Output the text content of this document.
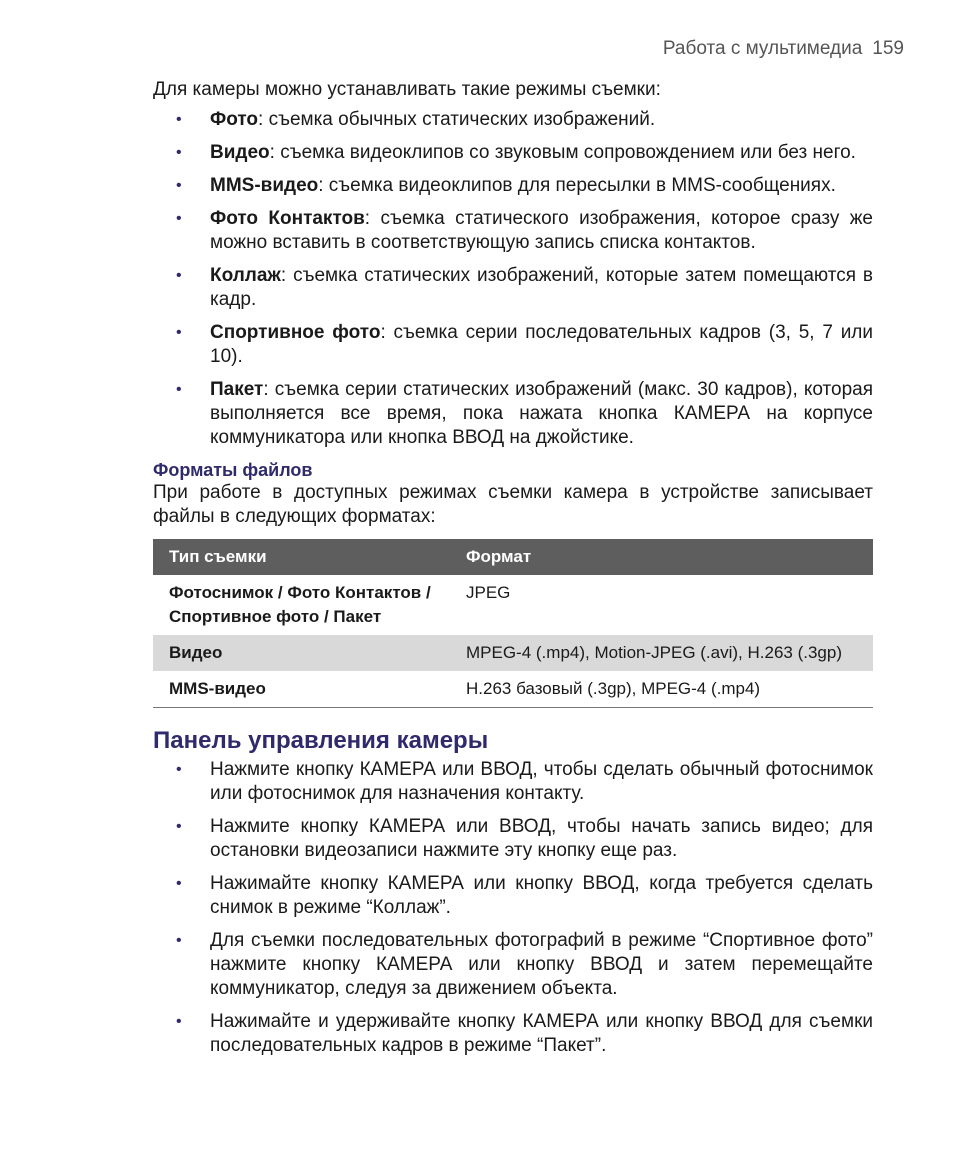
Работа с мультимедиа 159

Для камеры можно устанавливать такие режимы съемки:

• Фото: съемка обычных статических изображений.
• Видео: съемка видеоклипов со звуковым сопровождением или без него.
• MMS-видео: съемка видеоклипов для пересылки в MMS-сообщениях.
• Фото Контактов: съемка статического изображения, которое сразу же можно вставить в соответствующую запись списка контактов.
• Коллаж: съемка статических изображений, которые затем помещаются в кадр.
• Спортивное фото: съемка серии последовательных кадров (3, 5, 7 или 10).
• Пакет: съемка серии статических изображений (макс. 30 кадров), которая выполняется все время, пока нажата кнопка КАМЕРА на корпусе коммуникатора или кнопка ВВОД на джойстике.
Форматы файлов

При работе в доступных режимах съемки камера в устройстве записывает файлы в следующих форматах:

Тип съемки	Формат
Фотоснимок / Фото Контактов / Спортивное фото / Пакет	JPEG
Видео	MPEG-4 (.mp4), Motion-JPEG (.avi), H.263 (.3gp)
MMS-видео	H.263 базовый (.3gp), MPEG-4 (.mp4)
Панель управления камеры
• Нажмите кнопку КАМЕРА или ВВОД, чтобы сделать обычный фотоснимок или фотоснимок для назначения контакту.
• Нажмите кнопку КАМЕРА или ВВОД, чтобы начать запись видео; для остановки видеозаписи нажмите эту кнопку еще раз.
• Нажимайте кнопку КАМЕРА или кнопку ВВОД, когда требуется сделать снимок в режиме “Коллаж”.
• Для съемки последовательных фотографий в режиме “Спортивное фото” нажмите кнопку КАМЕРА или кнопку ВВОД и затем перемещайте коммуникатор, следуя за движением объекта.
• Нажимайте и удерживайте кнопку КАМЕРА или кнопку ВВОД для съемки последовательных кадров в режиме “Пакет”.
